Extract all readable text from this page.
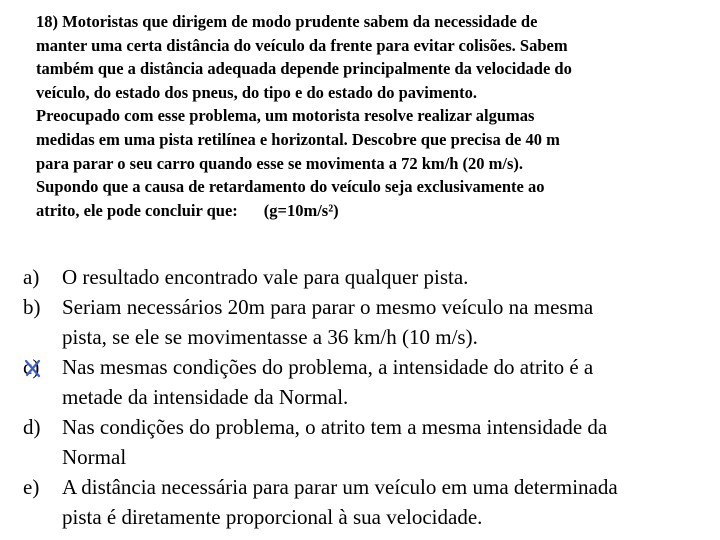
18) Motoristas que dirigem de modo prudente sabem da necessidade de
manter uma certa distância do veículo da frente para evitar colisões. Sabem
também que a distância adequada depende principalmente da velocidade do
veículo, do estado dos pneus, do tipo e do estado do pavimento.
Preocupado com esse problema, um motorista resolve realizar algumas
medidas em uma pista retilínea e horizontal. Descobre que precisa de 40 m
para parar o seu carro quando esse se movimenta a 72 km/h (20 m/s).
Supondo que a causa de retardamento do veículo seja exclusivamente ao
atrito, ele pode concluir que: (g=10m/s²)
a) O resultado encontrado vale para qualquer pista.
b) Seriam necessários 20m para parar o mesmo veículo na mesma
pista, se ele se movimentasse a 36 km/h (10 m/s).
c) Nas mesmas condições do problema, a intensidade do atrito é a
metade da intensidade da Normal.
d) Nas condições do problema, o atrito tem a mesma intensidade da
Normal
e) A distância necessária para parar um veículo em uma determinada
pista é diretamente proporcional à sua velocidade.
